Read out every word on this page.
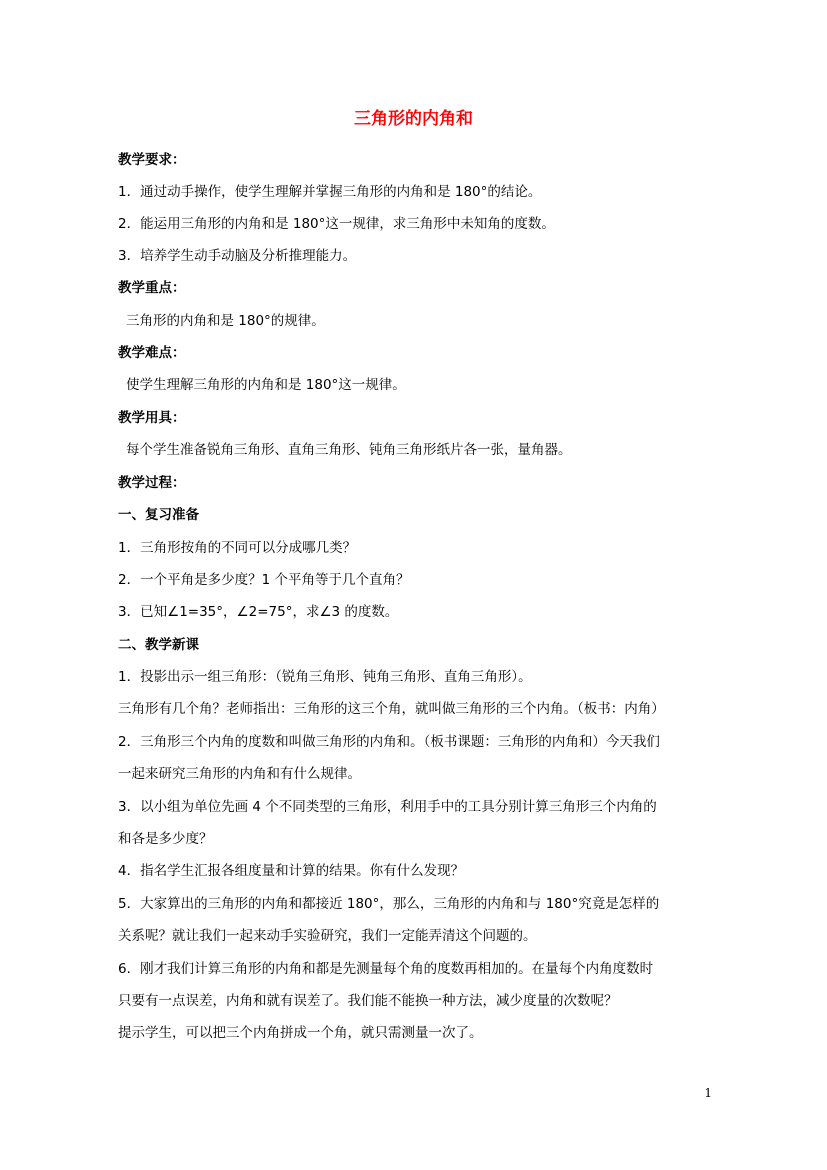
三角形的内角和
教学要求：
1．通过动手操作，使学生理解并掌握三角形的内角和是 180°的结论。
2．能运用三角形的内角和是 180°这一规律，求三角形中未知角的度数。
3．培养学生动手动脑及分析推理能力。
教学重点：
三角形的内角和是 180°的规律。
教学难点：
使学生理解三角形的内角和是 180°这一规律。
教学用具：
每个学生准备锐角三角形、直角三角形、钝角三角形纸片各一张，量角器。
教学过程：
一、复习准备
1．三角形按角的不同可以分成哪几类？
2．一个平角是多少度？1 个平角等于几个直角？
3．已知∠1=35°，∠2=75°，求∠3 的度数。
二、教学新课
1．投影出示一组三角形：（锐角三角形、钝角三角形、直角三角形）。
三角形有几个角？老师指出：三角形的这三个角，就叫做三角形的三个内角。（板书：内角）
2．三角形三个内角的度数和叫做三角形的内角和。（板书课题：三角形的内角和）今天我们
一起来研究三角形的内角和有什么规律。
3．以小组为单位先画 4 个不同类型的三角形，利用手中的工具分别计算三角形三个内角的
和各是多少度？
4．指名学生汇报各组度量和计算的结果。你有什么发现？
5．大家算出的三角形的内角和都接近 180°，那么，三角形的内角和与 180°究竟是怎样的
关系呢？就让我们一起来动手实验研究，我们一定能弄清这个问题的。
6．刚才我们计算三角形的内角和都是先测量每个角的度数再相加的。在量每个内角度数时
只要有一点误差，内角和就有误差了。我们能不能换一种方法，减少度量的次数呢？
提示学生，可以把三个内角拼成一个角，就只需测量一次了。
1
